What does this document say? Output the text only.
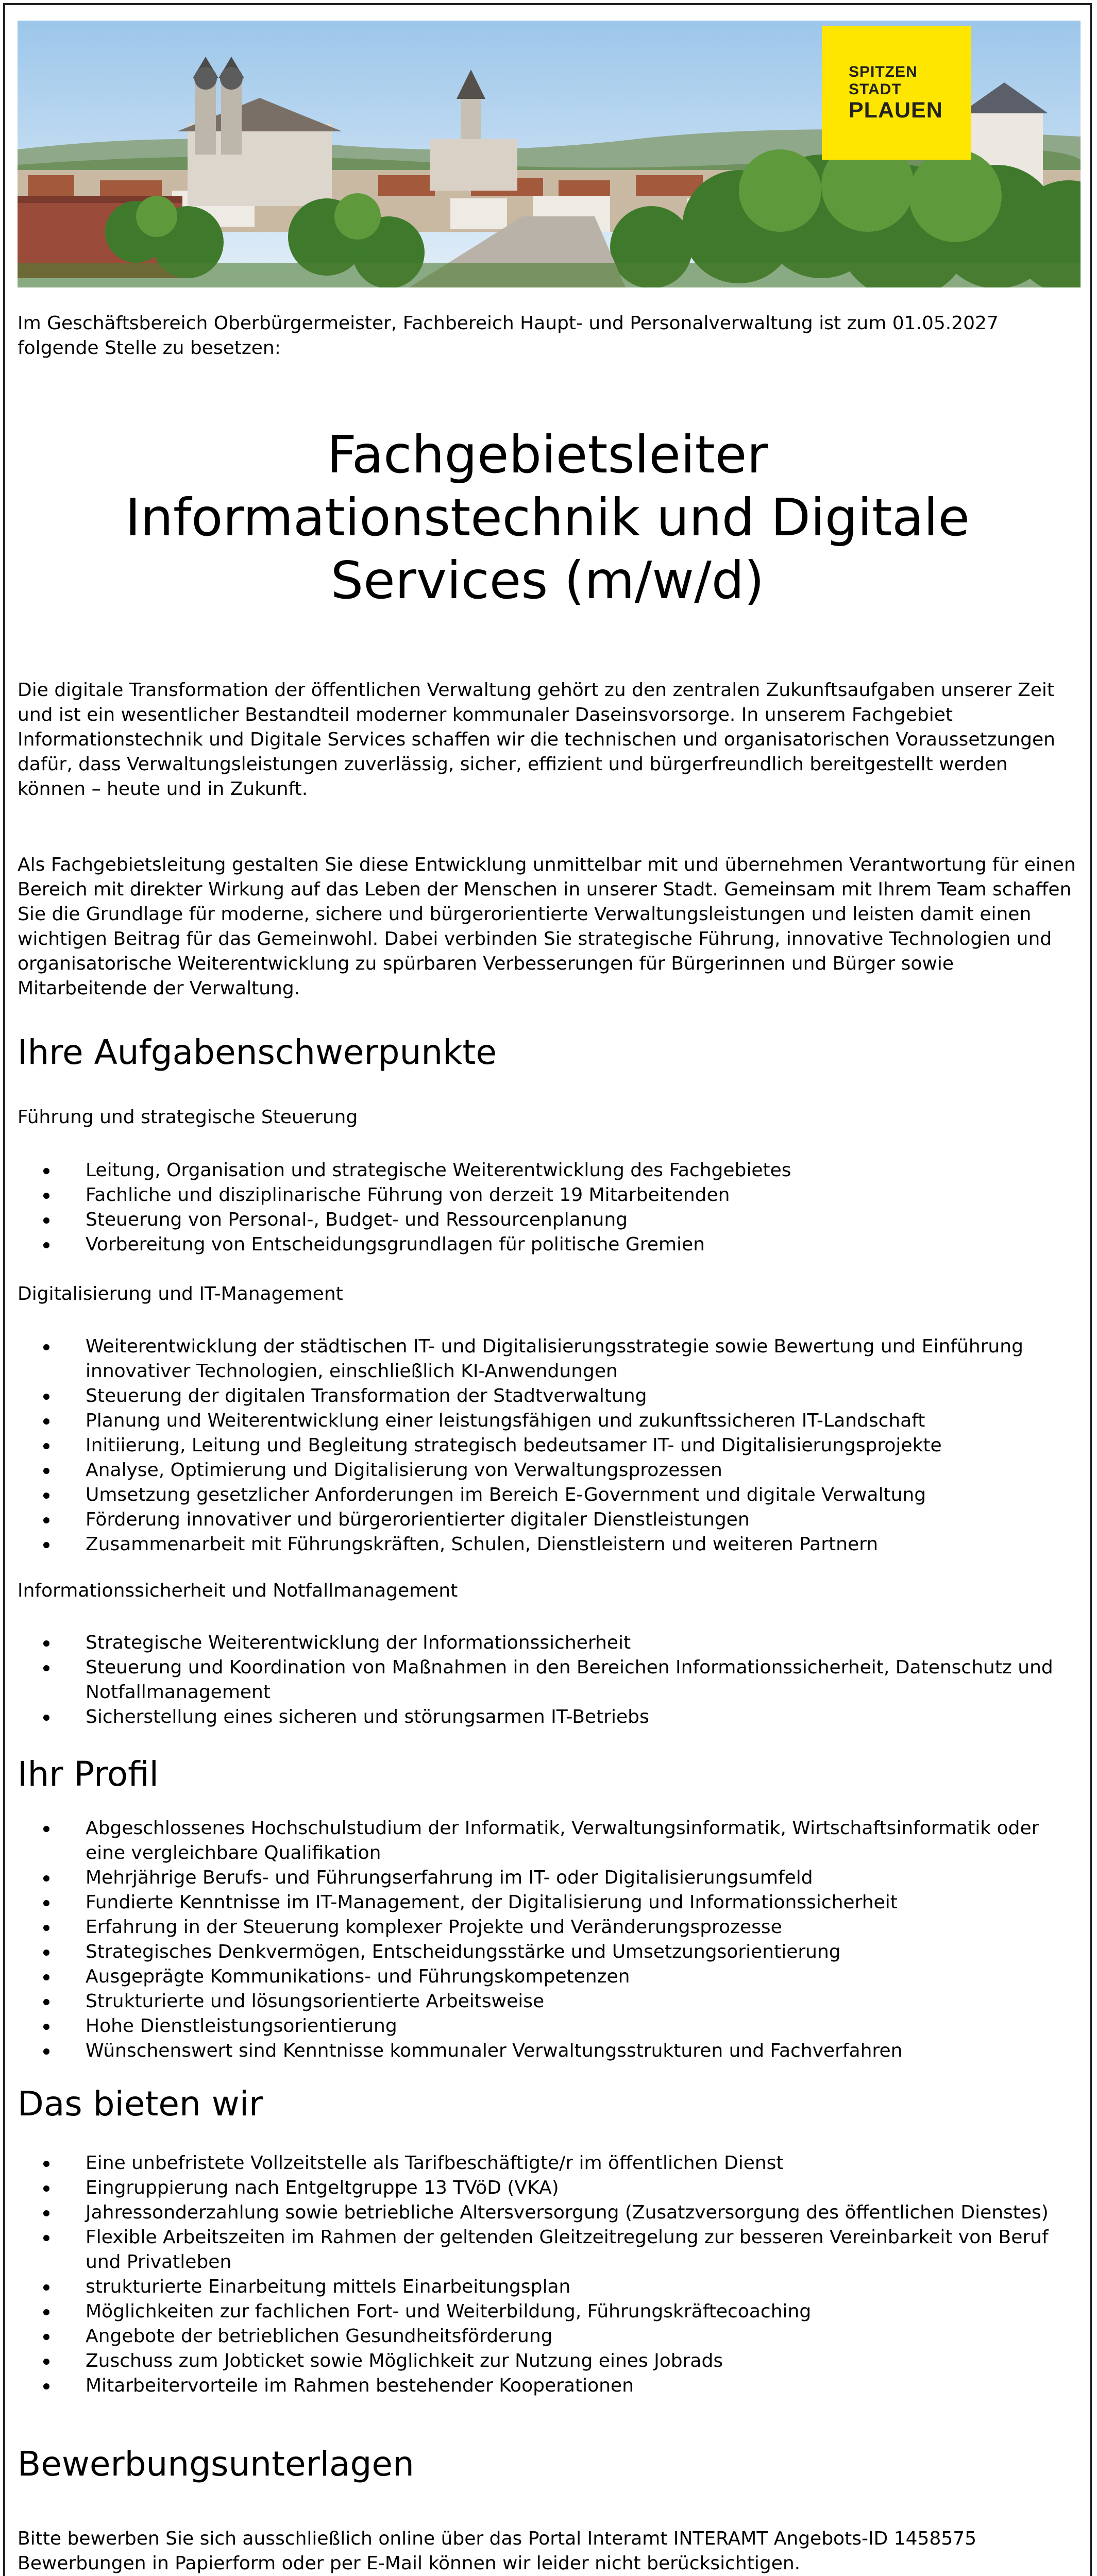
SPITZEN
STADT
PLAUEN

Im Geschäftsbereich Oberbürgermeister, Fachbereich Haupt- und Personalverwaltung ist zum 01.05.2027 folgende Stelle zu besetzen:

Fachgebietsleiter
Informationstechnik und Digitale
Services (m/w/d)

Die digitale Transformation der öffentlichen Verwaltung gehört zu den zentralen Zukunftsaufgaben unserer Zeit und ist ein wesentlicher Bestandteil moderner kommunaler Daseinsvorsorge. In unserem Fachgebiet Informationstechnik und Digitale Services schaffen wir die technischen und organisatorischen Voraussetzungen dafür, dass Verwaltungsleistungen zuverlässig, sicher, effizient und bürgerfreundlich bereitgestellt werden können – heute und in Zukunft.

Als Fachgebietsleitung gestalten Sie diese Entwicklung unmittelbar mit und übernehmen Verantwortung für einen Bereich mit direkter Wirkung auf das Leben der Menschen in unserer Stadt. Gemeinsam mit Ihrem Team schaffen Sie die Grundlage für moderne, sichere und bürgerorientierte Verwaltungsleistungen und leisten damit einen wichtigen Beitrag für das Gemeinwohl. Dabei verbinden Sie strategische Führung, innovative Technologien und organisatorische Weiterentwicklung zu spürbaren Verbesserungen für Bürgerinnen und Bürger sowie Mitarbeitende der Verwaltung.

Ihre Aufgabenschwerpunkte
Führung und strategische Steuerung
Leitung, Organisation und strategische Weiterentwicklung des Fachgebietes
Fachliche und disziplinarische Führung von derzeit 19 Mitarbeitenden
Steuerung von Personal-, Budget- und Ressourcenplanung
Vorbereitung von Entscheidungsgrundlagen für politische Gremien
Digitalisierung und IT-Management
Weiterentwicklung der städtischen IT- und Digitalisierungsstrategie sowie Bewertung und Einführung innovativer Technologien, einschließlich KI-Anwendungen
Steuerung der digitalen Transformation der Stadtverwaltung
Planung und Weiterentwicklung einer leistungsfähigen und zukunftssicheren IT-Landschaft
Initiierung, Leitung und Begleitung strategisch bedeutsamer IT- und Digitalisierungsprojekte
Analyse, Optimierung und Digitalisierung von Verwaltungsprozessen
Umsetzung gesetzlicher Anforderungen im Bereich E-Government und digitale Verwaltung
Förderung innovativer und bürgerorientierter digitaler Dienstleistungen
Zusammenarbeit mit Führungskräften, Schulen, Dienstleistern und weiteren Partnern
Informationssicherheit und Notfallmanagement
Strategische Weiterentwicklung der Informationssicherheit
Steuerung und Koordination von Maßnahmen in den Bereichen Informationssicherheit, Datenschutz und Notfallmanagement
Sicherstellung eines sicheren und störungsarmen IT-Betriebs
Ihr Profil
Abgeschlossenes Hochschulstudium der Informatik, Verwaltungsinformatik, Wirtschaftsinformatik oder eine vergleichbare Qualifikation
Mehrjährige Berufs- und Führungserfahrung im IT- oder Digitalisierungsumfeld
Fundierte Kenntnisse im IT-Management, der Digitalisierung und Informationssicherheit
Erfahrung in der Steuerung komplexer Projekte und Veränderungsprozesse
Strategisches Denkvermögen, Entscheidungsstärke und Umsetzungsorientierung
Ausgeprägte Kommunikations- und Führungskompetenzen
Strukturierte und lösungsorientierte Arbeitsweise
Hohe Dienstleistungsorientierung
Wünschenswert sind Kenntnisse kommunaler Verwaltungsstrukturen und Fachverfahren
Das bieten wir
Eine unbefristete Vollzeitstelle als Tarifbeschäftigte/r im öffentlichen Dienst
Eingruppierung nach Entgeltgruppe 13 TVöD (VKA)
Jahressonderzahlung sowie betriebliche Altersversorgung (Zusatzversorgung des öffentlichen Dienstes)
Flexible Arbeitszeiten im Rahmen der geltenden Gleitzeitregelung zur besseren Vereinbarkeit von Beruf und Privatleben
strukturierte Einarbeitung mittels Einarbeitungsplan
Möglichkeiten zur fachlichen Fort- und Weiterbildung, Führungskräftecoaching
Angebote der betrieblichen Gesundheitsförderung
Zuschuss zum Jobticket sowie Möglichkeit zur Nutzung eines Jobrads
Mitarbeitervorteile im Rahmen bestehender Kooperationen
Bewerbungsunterlagen

Bitte bewerben Sie sich ausschließlich online über das Portal Interamt INTERAMT Angebots-ID 1458575

Bewerbungen in Papierform oder per E-Mail können wir leider nicht berücksichtigen.
